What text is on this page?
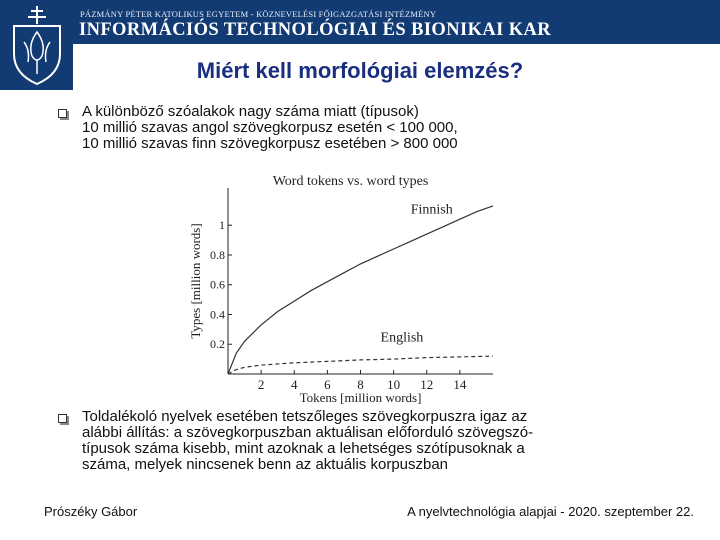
PÁZMÁNY PÉTER KATOLIKUS EGYETEM - KÖZNEVELÉSI FŐIGAZGATÁSI INTÉZMÉNY
INFORMÁCIÓS TECHNOLÓGIAI ÉS BIONIKAI KAR
Miért kell morfológiai elemzés?
A különböző szóalakok nagy száma miatt (típusok)
10 millió szavas angol szövegkorpusz esetén < 100 000,
10 millió szavas finn szövegkorpusz esetében > 800 000
Word tokens vs. word types
0.2
0.4
0.6
0.8
1
2 4 6 8 10 12 14
Tokens [million words]
Types [million words]
Finnish
English
Toldalékoló nyelvek esetében tetszőleges szövegkorpuszra igaz az
alábbi állítás: a szövegkorpuszban aktuálisan előforduló szövegszó-
típusok száma kisebb, mint azoknak a lehetséges szótípusoknak a
száma, melyek nincsenek benn az aktuális korpuszban
Prószéky Gábor	A nyelvtechnológia alapjai - 2020. szeptember 22.
